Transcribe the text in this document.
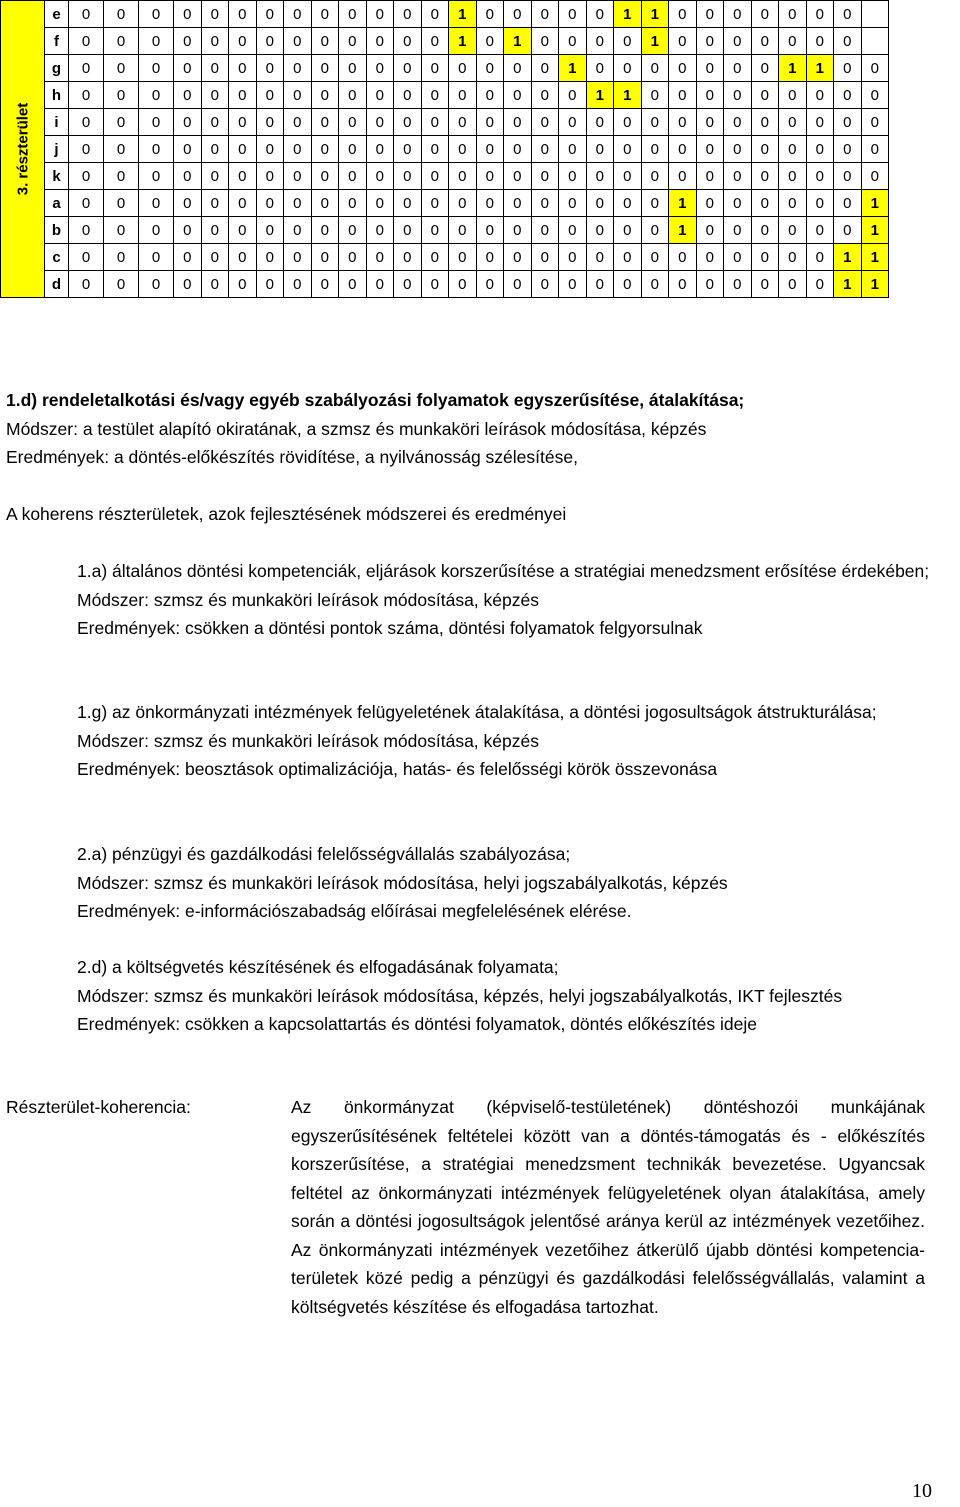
3. részterület	e	0	0	0	0	0	0	0	0	0	0	0	0	0	1	0	0	0	0	0	1	1	0	0	0	0	0	0	0	
	f	0	0	0	0	0	0	0	0	0	0	0	0	0	1	0	1	0	0	0	0	1	0	0	0	0	0	0	0	
	g	0	0	0	0	0	0	0	0	0	0	0	0	0	0	0	0	0	1	0	0	0	0	0	0	0	1	1	0	0
	h	0	0	0	0	0	0	0	0	0	0	0	0	0	0	0	0	0	0	1	1	0	0	0	0	0	0	0	0	0
	i	0	0	0	0	0	0	0	0	0	0	0	0	0	0	0	0	0	0	0	0	0	0	0	0	0	0	0	0	0
	j	0	0	0	0	0	0	0	0	0	0	0	0	0	0	0	0	0	0	0	0	0	0	0	0	0	0	0	0	0
	k	0	0	0	0	0	0	0	0	0	0	0	0	0	0	0	0	0	0	0	0	0	0	0	0	0	0	0	0	0
	a	0	0	0	0	0	0	0	0	0	0	0	0	0	0	0	0	0	0	0	0	0	1	0	0	0	0	0	0	1
	b	0	0	0	0	0	0	0	0	0	0	0	0	0	0	0	0	0	0	0	0	0	1	0	0	0	0	0	0	1
	c	0	0	0	0	0	0	0	0	0	0	0	0	0	0	0	0	0	0	0	0	0	0	0	0	0	0	0	1	1
	d	0	0	0	0	0	0	0	0	0	0	0	0	0	0	0	0	0	0	0	0	0	0	0	0	0	0	0	1	1

1.d) rendeletalkotási és/vagy egyéb szabályozási folyamatok egyszerűsítése, átalakítása;

Módszer: a testület alapító okiratának, a szmsz és munkaköri leírások módosítása, képzés

Eredmények: a döntés-előkészítés rövidítése, a nyilvánosság szélesítése,

A koherens részterületek, azok fejlesztésének módszerei és eredményei

1.a) általános döntési kompetenciák, eljárások korszerűsítése a stratégiai menedzsment erősítése érdekében;

Módszer: szmsz és munkaköri leírások módosítása, képzés

Eredmények: csökken a döntési pontok száma, döntési folyamatok felgyorsulnak

1.g) az önkormányzati intézmények felügyeletének átalakítása, a döntési jogosultságok átstrukturálása;

Módszer: szmsz és munkaköri leírások módosítása, képzés

Eredmények: beosztások optimalizációja, hatás- és felelősségi körök összevonása

2.a) pénzügyi és gazdálkodási felelősségvállalás szabályozása;

Módszer: szmsz és munkaköri leírások módosítása, helyi jogszabályalkotás, képzés

Eredmények: e-információszabadság előírásai megfelelésének elérése.

2.d) a költségvetés készítésének és elfogadásának folyamata;

Módszer: szmsz és munkaköri leírások módosítása, képzés, helyi jogszabályalkotás, IKT fejlesztés

Eredmények: csökken a kapcsolattartás és döntési folyamatok, döntés előkészítés ideje

Részterület-koherencia:	Az önkormányzat (képviselő-testületének) döntéshozói munkájának egyszerűsítésének feltételei között van a döntés-támogatás és - előkészítés korszerűsítése, a stratégiai menedzsment technikák bevezetése. Ugyancsak feltétel az önkormányzati intézmények felügyeletének olyan átalakítása, amely során a döntési jogosultságok jelentősé aránya kerül az intézmények vezetőihez. Az önkormányzati intézmények vezetőihez átkerülő újabb döntési kompetencia-területek közé pedig a pénzügyi és gazdálkodási felelősségvállalás, valamint a költségvetés készítése és elfogadása tartozhat.

10
